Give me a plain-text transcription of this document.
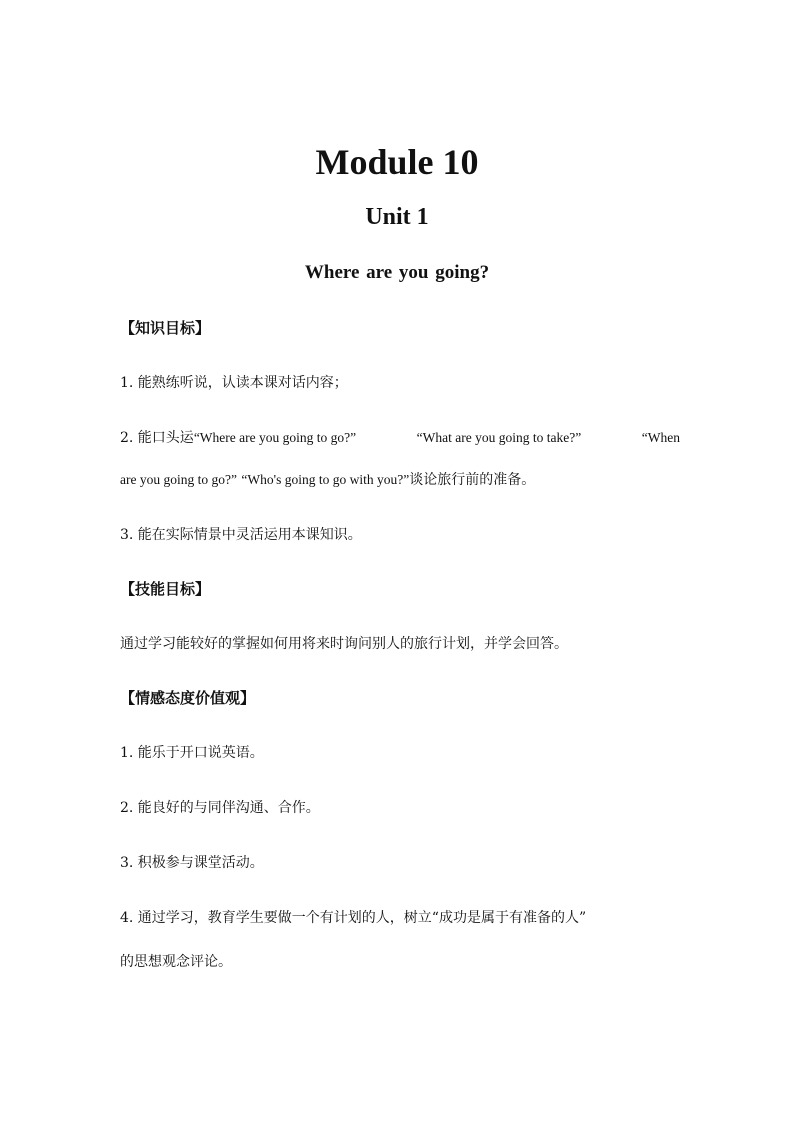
Module 10
Unit 1
Where are you going?

【知识目标】

1. 能熟练听说，认读本课对话内容；

2. 能口头运“Where are you going to go?”	“What are you going to take?”	“When

are you going to go?” “Who's going to go with you?”谈论旅行前的准备。

3. 能在实际情景中灵活运用本课知识。

【技能目标】

通过学习能较好的掌握如何用将来时询问别人的旅行计划，并学会回答。

【情感态度价值观】

1. 能乐于开口说英语。

2. 能良好的与同伴沟通、合作。

3. 积极参与课堂活动。

4. 通过学习，教育学生要做一个有计划的人，树立“成功是属于有准备的人”

的思想观念评论。
